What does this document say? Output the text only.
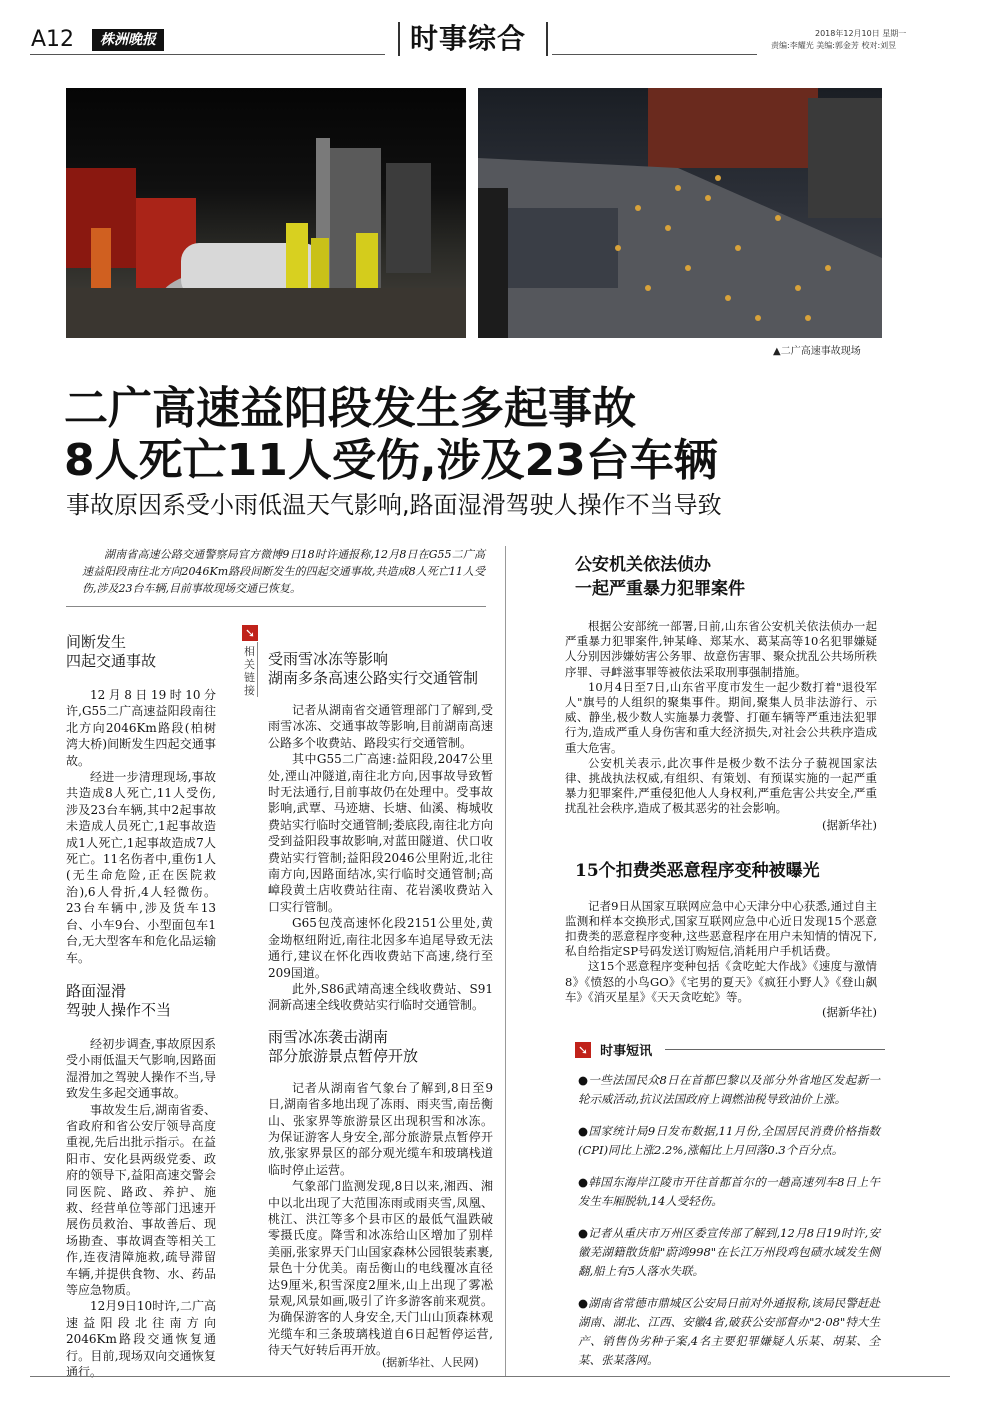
A12	株洲晚报	时事综合	2018年12月10日 星期一
责编:李耀光 美编:郭金芳 校对:刘昱
▲二广高速事故现场
二广高速益阳段发生多起事故
8人死亡11人受伤,涉及23台车辆
事故原因系受小雨低温天气影响,路面湿滑驾驶人操作不当导致

湖南省高速公路交通警察局官方微博9日18时许通报称,12月8日在G55二广高速益阳段南往北方向2046Km路段间断发生的四起交通事故,共造成8人死亡11人受伤,涉及23台车辆,目前事故现场交通已恢复。

间断发生
四起交通事故

12月8日19时10分许,G55二广高速益阳段南往北方向2046Km路段(柏树湾大桥)间断发生四起交通事故。

经进一步清理现场,事故共造成8人死亡,11人受伤,涉及23台车辆,其中2起事故未造成人员死亡,1起事故造成1人死亡,1起事故造成7人死亡。11名伤者中,重伤1人(无生命危险,正在医院救治),6人骨折,4人轻微伤。23台车辆中,涉及货车13台、小车9台、小型面包车1台,无大型客车和危化品运输车。

路面湿滑
驾驶人操作不当

经初步调查,事故原因系受小雨低温天气影响,因路面湿滑加之驾驶人操作不当,导致发生多起交通事故。

事故发生后,湖南省委、省政府和省公安厅领导高度重视,先后出批示指示。在益阳市、安化县两级党委、政府的领导下,益阳高速交警会同医院、路政、养护、施救、经营单位等部门迅速开展伤员救治、事故善后、现场勘查、事故调查等相关工作,连夜清障施救,疏导滞留车辆,并提供食物、水、药品等应急物质。

12月9日10时许,二广高速益阳段北往南方向2046Km路段交通恢复通行。目前,现场双向交通恢复通行。

➘
相关链接
受雨雪冰冻等影响
湖南多条高速公路实行交通管制

记者从湖南省交通管理部门了解到,受雨雪冰冻、交通事故等影响,目前湖南高速公路多个收费站、路段实行交通管制。

其中G55二广高速:益阳段,2047公里处,湮山冲隧道,南往北方向,因事故导致暂时无法通行,目前事故仍在处理中。受事故影响,武覃、马迹塘、长塘、仙溪、梅城收费站实行临时交通管制;娄底段,南往北方向受到益阳段事故影响,对蓝田隧道、伏口收费站实行管制;益阳段2046公里附近,北往南方向,因路面结冰,实行临时交通管制;高嶂段黄土店收费站往南、花岩溪收费站入口实行管制。

G65包茂高速怀化段2151公里处,黄金坳枢纽附近,南往北因多车追尾导致无法通行,建议在怀化西收费站下高速,绕行至209国道。

此外,S86武靖高速全线收费站、S91洞新高速全线收费站实行临时交通管制。

雨雪冰冻袭击湖南
部分旅游景点暂停开放

记者从湖南省气象台了解到,8日至9日,湖南省多地出现了冻雨、雨夹雪,南岳衡山、张家界等旅游景区出现积雪和冰冻。为保证游客人身安全,部分旅游景点暂停开放,张家界景区的部分观光缆车和玻璃栈道临时停止运营。

气象部门监测发现,8日以来,湘西、湘中以北出现了大范围冻雨或雨夹雪,凤凰、桃江、洪江等多个县市区的最低气温跌破零摄氏度。降雪和冰冻给山区增加了别样美丽,张家界天门山国家森林公园银装素裹,景色十分优美。南岳衡山的电线覆冰直径达9厘米,积雪深度2厘米,山上出现了雾凇景观,风景如画,吸引了许多游客前来观赏。为确保游客的人身安全,天门山山顶森林观光缆车和三条玻璃栈道自6日起暂停运营,待天气好转后再开放。

(据新华社、人民网)
公安机关依法侦办
一起严重暴力犯罪案件

根据公安部统一部署,日前,山东省公安机关依法侦办一起严重暴力犯罪案件,钟某峰、郑某水、葛某高等10名犯罪嫌疑人分别因涉嫌妨害公务罪、故意伤害罪、聚众扰乱公共场所秩序罪、寻衅滋事罪等被依法采取刑事强制措施。

10月4日至7日,山东省平度市发生一起少数打着"退役军人"旗号的人组织的聚集事件。期间,聚集人员非法游行、示威、静坐,极少数人实施暴力袭警、打砸车辆等严重违法犯罪行为,造成严重人身伤害和重大经济损失,对社会公共秩序造成重大危害。

公安机关表示,此次事件是极少数不法分子藐视国家法律、挑战执法权威,有组织、有策划、有预谋实施的一起严重暴力犯罪案件,严重侵犯他人人身权利,严重危害公共安全,严重扰乱社会秩序,造成了极其恶劣的社会影响。

(据新华社)
15个扣费类恶意程序变种被曝光

记者9日从国家互联网应急中心天津分中心获悉,通过自主监测和样本交换形式,国家互联网应急中心近日发现15个恶意扣费类的恶意程序变种,这些恶意程序在用户未知情的情况下,私自给指定SP号码发送订购短信,消耗用户手机话费。

这15个恶意程序变种包括《贪吃蛇大作战》《速度与激情8》《愤怒的小鸟GO》《宅男的夏天》《疯狂小野人》《登山飙车》《消灭星星》《天天贪吃蛇》等。

(据新华社)
➘ 时事短讯
●一些法国民众8日在首都巴黎以及部分外省地区发起新一轮示威活动,抗议法国政府上调燃油税导致油价上涨。
●国家统计局9日发布数据,11月份,全国居民消费价格指数(CPI)同比上涨2.2%,涨幅比上月回落0.3个百分点。
●韩国东海岸江陵市开往首都首尔的一趟高速列车8日上午发生车厢脱轨,14人受轻伤。
●记者从重庆市万州区委宣传部了解到,12月8日19时许,安徽芜湖籍散货船"蔚鸿998"在长江万州段鸡包碛水域发生侧翻,船上有5人落水失联。
●湖南省常德市鼎城区公安局日前对外通报称,该局民警赶赴湖南、湖北、江西、安徽4省,破获公安部督办"2·08"特大生产、销售伪劣种子案,4名主要犯罪嫌疑人乐某、胡某、全某、张某落网。
